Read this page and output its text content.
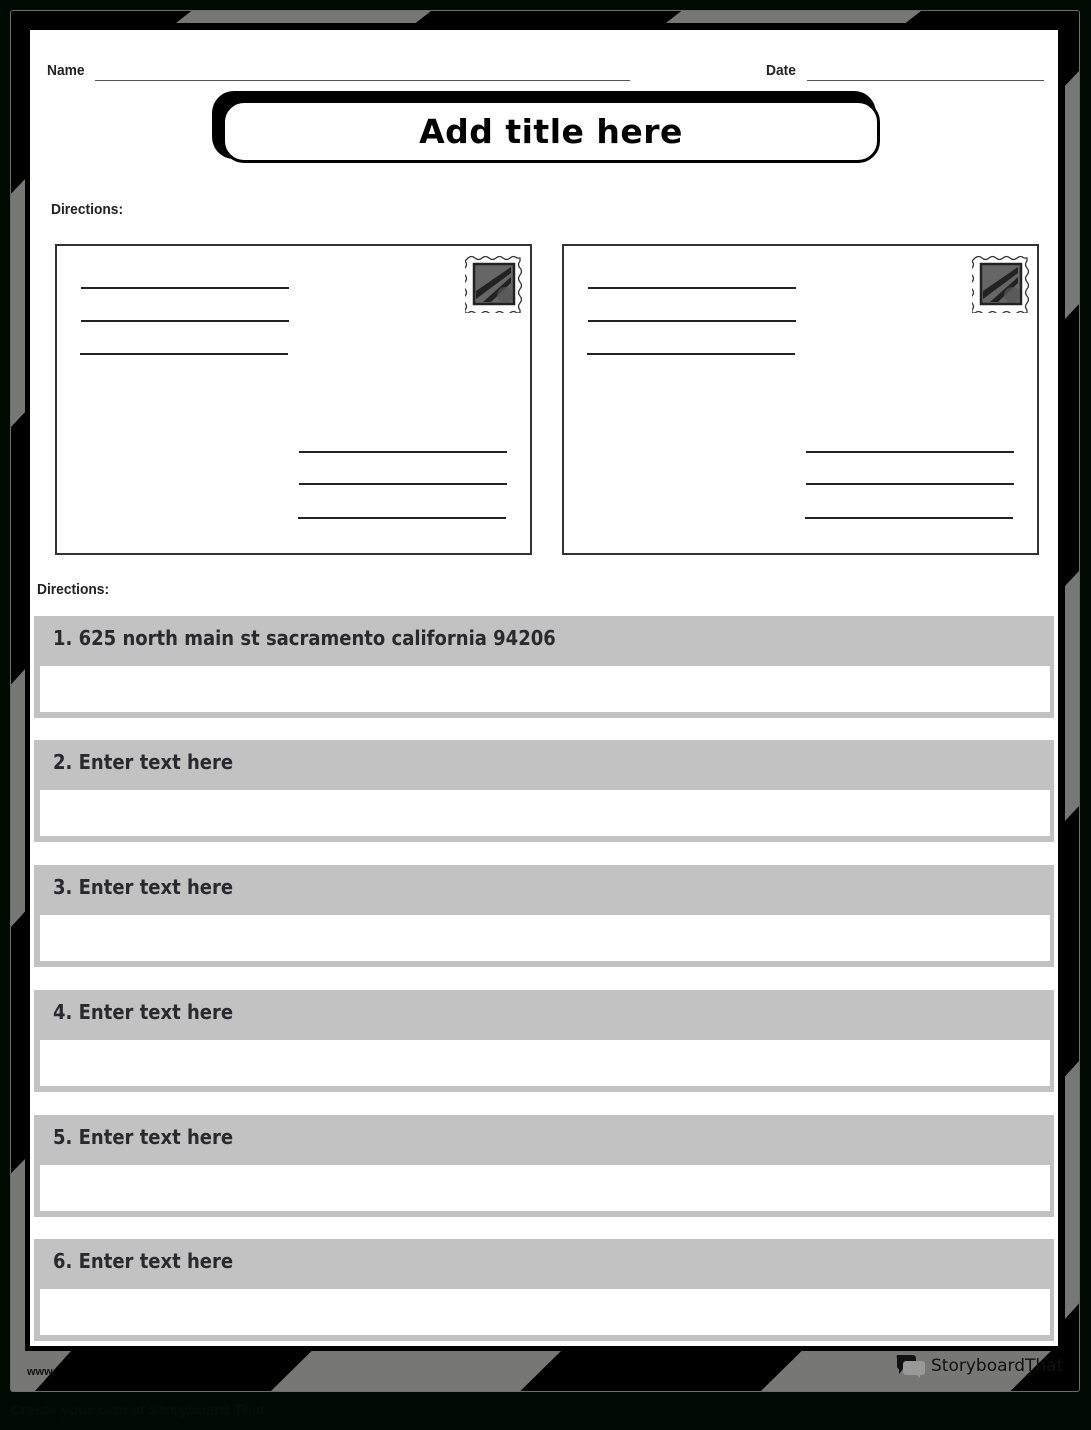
Name	Date
Add title here
Directions:
Directions:
1. 625 north main st sacramento california 94206
2. Enter text here
3. Enter text here
4. Enter text here
5. Enter text here
6. Enter text here
www	StoryboardThat
Create your own at Storyboard That
